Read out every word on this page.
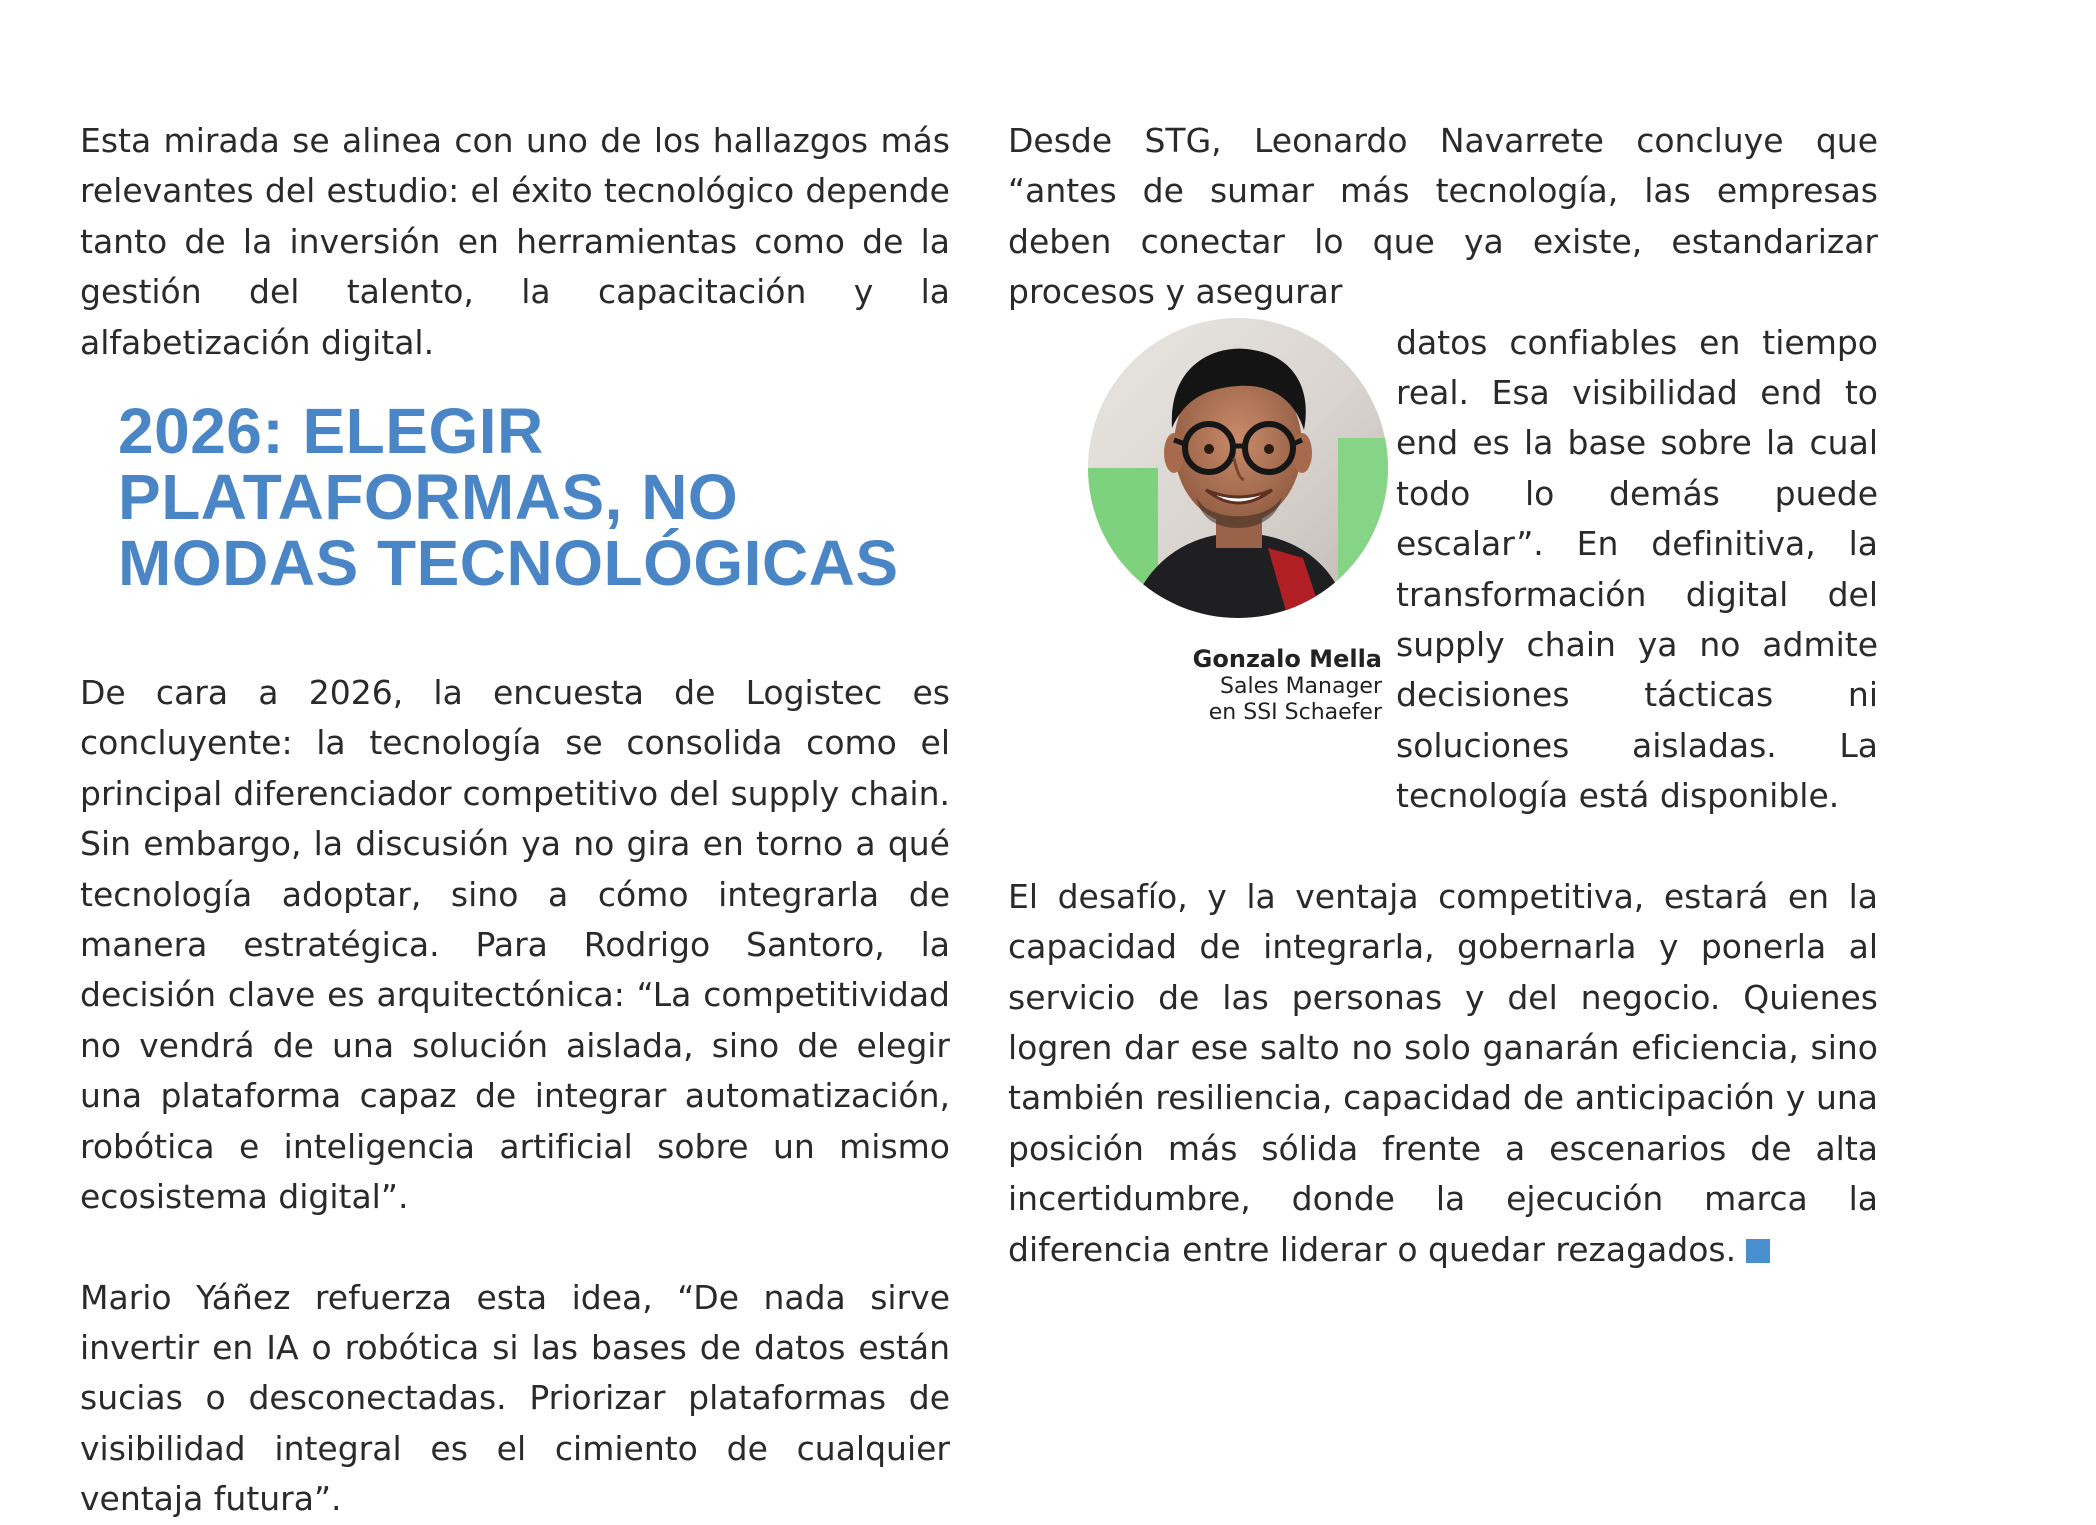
Esta mirada se alinea con uno de los hallazgos más relevantes del estudio: el éxito tecnológico depende tanto de la inversión en herramientas como de la gestión del talento, la capacitación y la alfabetización digital.

2026: ELEGIR
PLATAFORMAS, NO
MODAS TECNOLÓGICAS

De cara a 2026, la encuesta de Logistec es concluyente: la tecnología se consolida como el principal diferenciador competitivo del supply chain. Sin embargo, la discusión ya no gira en torno a qué tecnología adoptar, sino a cómo integrarla de manera estratégica. Para Rodrigo Santoro, la decisión clave es arquitectónica: “La competitividad no vendrá de una solución aislada, sino de elegir una plataforma capaz de integrar automatización, robótica e inteligencia artificial sobre un mismo ecosistema digital”.

Mario Yáñez refuerza esta idea, “De nada sirve invertir en IA o robótica si las bases de datos están sucias o desconectadas. Priorizar plataformas de visibilidad integral es el cimiento de cualquier ventaja futura”.

Desde STG, Leonardo Navarrete concluye que “antes de sumar más tecnología, las empresas deben conectar lo que ya existe, estandarizar procesos y asegurar

Gonzalo Mella
Sales Manager
en SSI Schaefer

datos confiables en tiempo real. Esa visibilidad end to end es la base sobre la cual todo lo demás puede escalar”. En definitiva, la transformación digital del supply chain ya no admite decisiones tácticas ni soluciones aisladas. La tecnología está disponible.

El desafío, y la ventaja competitiva, estará en la capacidad de integrarla, gobernarla y ponerla al servicio de las personas y del negocio. Quienes logren dar ese salto no solo ganarán eficiencia, sino también resiliencia, capacidad de anticipación y una posición más sólida frente a escenarios de alta incertidumbre, donde la ejecución marca la diferencia entre liderar o quedar rezagados.
